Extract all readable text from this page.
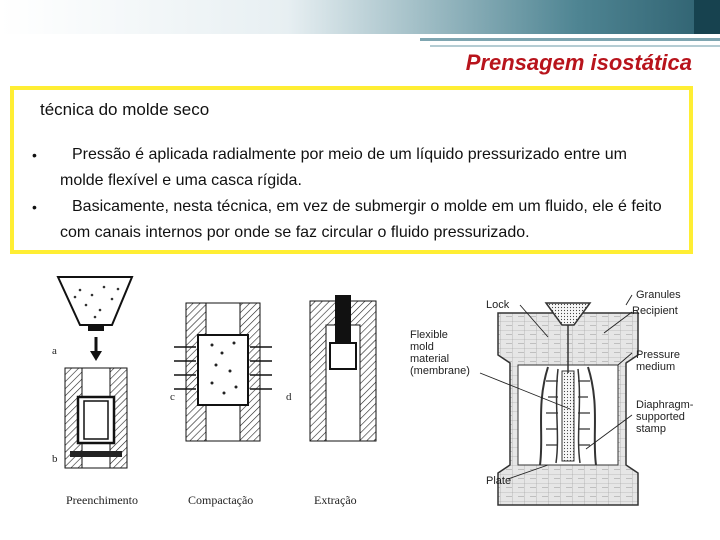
Prensagem isostática

técnica do molde seco

•	Pressão é aplicada radialmente por meio de um líquido pressurizado entre um molde flexível e uma casca rígida.
•	Basicamente, nesta técnica, em vez de submergir o molde em um fluido, ele é feito com canais internos por onde se faz circular o fluido pressurizado.
a
b
c	d
Preenchimento	Compactação	Extração
Lock
Granules
Recipient
Flexible
mold
material
(membrane)
Pressure
medium
Diaphragm-
supported
stamp
Plate
